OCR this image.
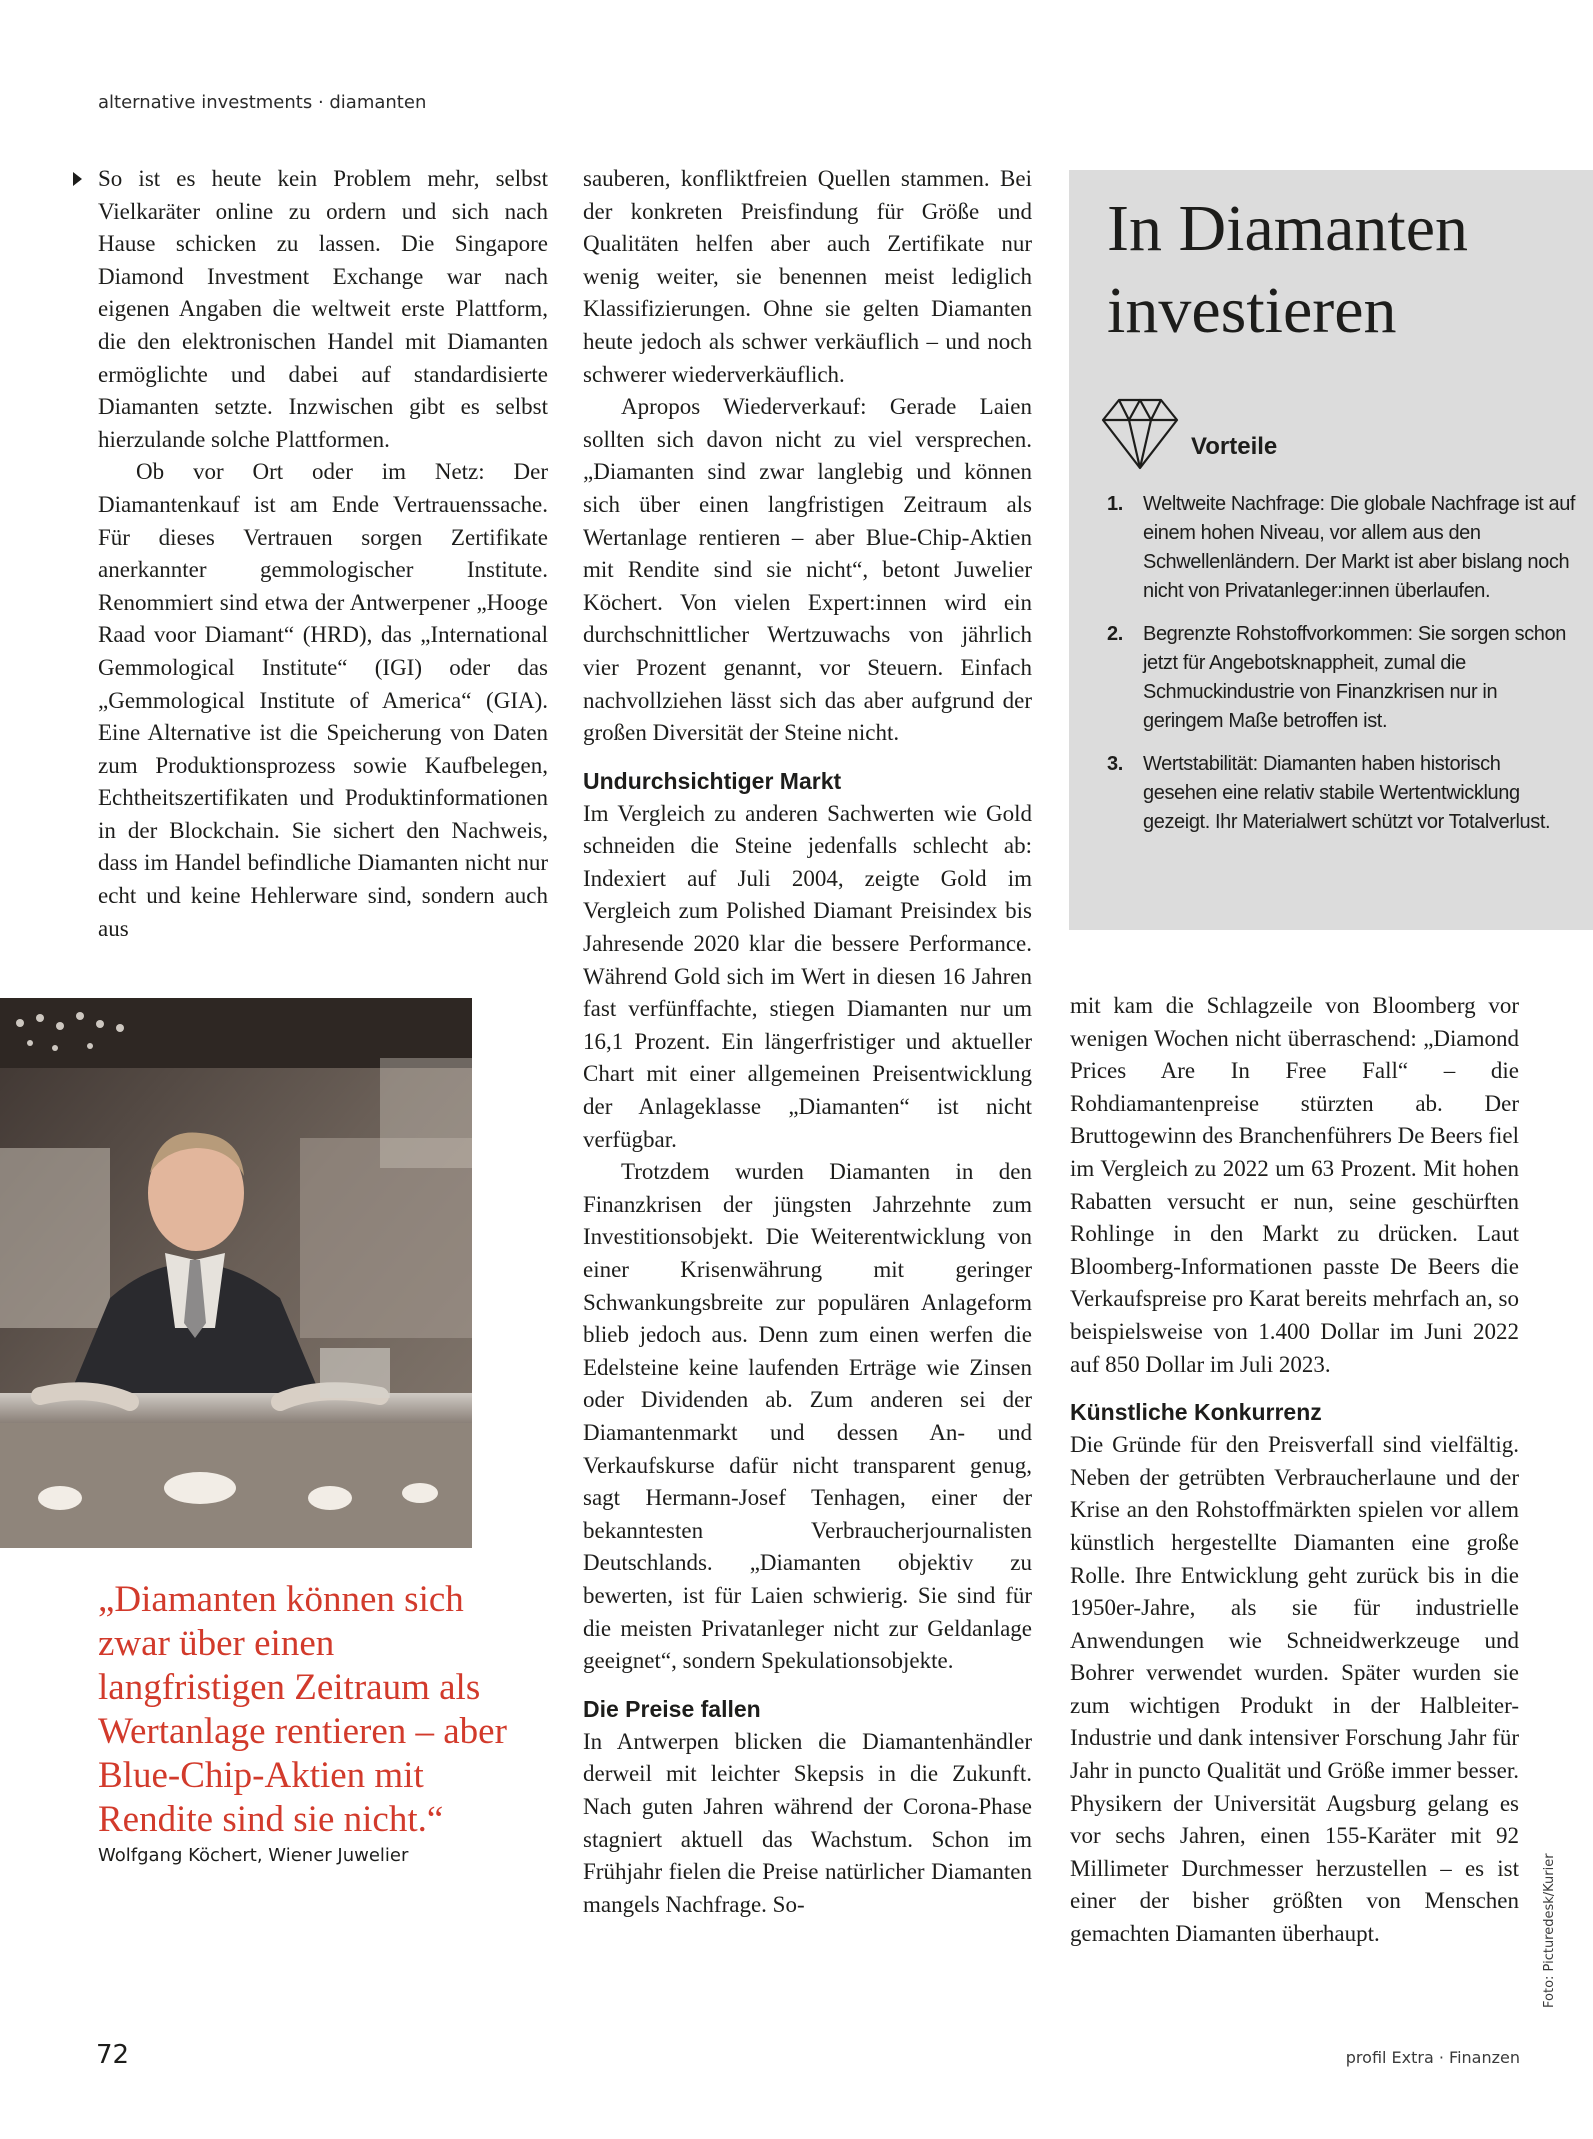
alternative investments · diamanten

So ist es heute kein Problem mehr, selbst Vielkaräter online zu ordern und sich nach Hause schicken zu lassen. Die Singapore Diamond Investment Exchange war nach eigenen Angaben die weltweit erste Plattform, die den elektronischen Handel mit Diamanten ermöglichte und dabei auf standardisierte Diamanten setzte. Inzwischen gibt es selbst hierzulande solche Plattformen.

Ob vor Ort oder im Netz: Der Diamantenkauf ist am Ende Vertrauenssache. Für dieses Vertrauen sorgen Zertifikate anerkannter gemmologischer Institute. Renommiert sind etwa der Antwerpener „Hooge Raad voor Diamant“ (HRD), das „International Gemmological Institute“ (IGI) oder das „Gemmological Institute of America“ (GIA). Eine Alternative ist die Speicherung von Daten zum Produktionsprozess sowie Kaufbelegen, Echtheitszertifikaten und Produktinformationen in der Blockchain. Sie sichert den Nachweis, dass im Handel befindliche Diamanten nicht nur echt und keine Hehlerware sind, sondern auch aus

sauberen, konfliktfreien Quellen stammen. Bei der konkreten Preisfindung für Größe und Qualitäten helfen aber auch Zertifikate nur wenig weiter, sie benennen meist lediglich Klassifizierungen. Ohne sie gelten Diamanten heute jedoch als schwer verkäuflich – und noch schwerer wiederverkäuflich.

Apropos Wiederverkauf: Gerade Laien sollten sich davon nicht zu viel versprechen. „Diamanten sind zwar langlebig und können sich über einen langfristigen Zeitraum als Wertanlage rentieren – aber Blue-Chip-Aktien mit Rendite sind sie nicht“, betont Juwelier Köchert. Von vielen Expert:innen wird ein durchschnittlicher Wertzuwachs von jährlich vier Prozent genannt, vor Steuern. Einfach nachvollziehen lässt sich das aber aufgrund der großen Diversität der Steine nicht.

Undurchsichtiger Markt

Im Vergleich zu anderen Sachwerten wie Gold schneiden die Steine jedenfalls schlecht ab: Indexiert auf Juli 2004, zeigte Gold im Vergleich zum Polished Diamant Preisindex bis Jahresende 2020 klar die bessere Performance. Während Gold sich im Wert in diesen 16 Jahren fast verfünffachte, stiegen Diamanten nur um 16,1 Prozent. Ein längerfristiger und aktueller Chart mit einer allgemeinen Preisentwicklung der Anlageklasse „Diamanten“ ist nicht verfügbar.

Trotzdem wurden Diamanten in den Finanzkrisen der jüngsten Jahrzehnte zum Investitionsobjekt. Die Weiterentwicklung von einer Krisenwährung mit geringer Schwankungsbreite zur populären Anlageform blieb jedoch aus. Denn zum einen werfen die Edelsteine keine laufenden Erträge wie Zinsen oder Dividenden ab. Zum anderen sei der Diamantenmarkt und dessen An- und Verkaufskurse dafür nicht transparent genug, sagt Hermann-Josef Tenhagen, einer der bekanntesten Verbraucherjournalisten Deutschlands. „Diamanten objektiv zu bewerten, ist für Laien schwierig. Sie sind für die meisten Privatanleger nicht zur Geldanlage geeignet“, sondern Spekulationsobjekte.

Die Preise fallen

In Antwerpen blicken die Diamantenhändler derweil mit leichter Skepsis in die Zukunft. Nach guten Jahren während der Corona-Phase stagniert aktuell das Wachstum. Schon im Frühjahr fielen die Preise natürlicher Diamanten mangels Nachfrage. So-

mit kam die Schlagzeile von Bloomberg vor wenigen Wochen nicht überraschend: „Diamond Prices Are In Free Fall“ – die Rohdiamantenpreise stürzten ab. Der Bruttogewinn des Branchenführers De Beers fiel im Vergleich zu 2022 um 63 Prozent. Mit hohen Rabatten versucht er nun, seine geschürften Rohlinge in den Markt zu drücken. Laut Bloomberg-Informationen passte De Beers die Verkaufspreise pro Karat bereits mehrfach an, so beispielsweise von 1.400 Dollar im Juni 2022 auf 850 Dollar im Juli 2023.

Künstliche Konkurrenz

Die Gründe für den Preisverfall sind vielfältig. Neben der getrübten Verbraucherlaune und der Krise an den Rohstoffmärkten spielen vor allem künstlich hergestellte Diamanten eine große Rolle. Ihre Entwicklung geht zurück bis in die 1950er-Jahre, als sie für industrielle Anwendungen wie Schneidwerkzeuge und Bohrer verwendet wurden. Später wurden sie zum wichtigen Produkt in der Halbleiter-Industrie und dank intensiver Forschung Jahr für Jahr in puncto Qualität und Größe immer besser. Physikern der Universität Augsburg gelang es vor sechs Jahren, einen 155-Karäter mit 92 Millimeter Durchmesser herzustellen – es ist einer der bisher größten von Menschen gemachten Diamanten überhaupt.

In Diamanten investieren
Vorteile
1. Weltweite Nachfrage: Die globale Nachfrage ist auf einem hohen Niveau, vor allem aus den Schwellenländern. Der Markt ist aber bislang noch nicht von Privatanleger:innen überlaufen.
2. Begrenzte Rohstoffvorkommen: Sie sorgen schon jetzt für Angebotsknappheit, zumal die Schmuckindustrie von Finanzkrisen nur in geringem Maße betroffen ist.
3. Wertstabilität: Diamanten haben historisch gesehen eine relativ stabile Wertentwicklung gezeigt. Ihr Materialwert schützt vor Totalverlust.
„Diamanten können sich zwar über einen langfristigen Zeitraum als Wertanlage rentieren – aber Blue-Chip-Aktien mit Rendite sind sie nicht.“
Wolfgang Köchert, Wiener Juwelier
72	profil Extra · Finanzen
Foto: Picturedesk/Kurier
